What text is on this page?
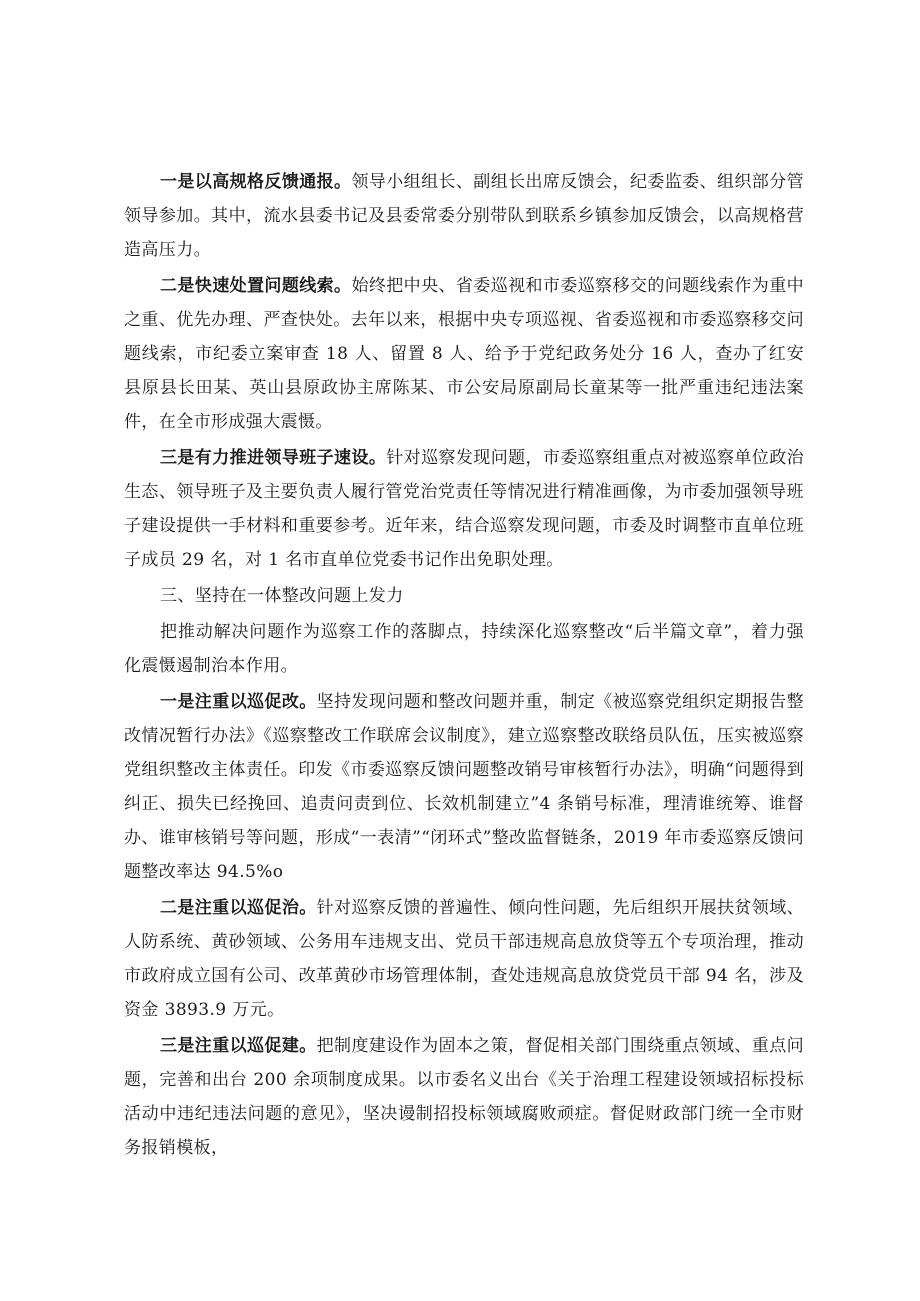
一是以高规格反馈通报。领导小组组长、副组长出席反馈会，纪委监委、组织部分管领导参加。其中，流水县委书记及县委常委分别带队到联系乡镇参加反馈会，以高规格营造高压力。

二是快速处置问题线索。始终把中央、省委巡视和市委巡察移交的问题线索作为重中之重、优先办理、严查快处。去年以来，根据中央专项巡视、省委巡视和市委巡察移交问题线索，市纪委立案审查 18 人、留置 8 人、给予于党纪政务处分 16 人，查办了红安县原县长田某、英山县原政协主席陈某、市公安局原副局长童某等一批严重违纪违法案件，在全市形成强大震慑。

三是有力推进领导班子速设。针对巡察发现问题，市委巡察组重点对被巡察单位政治生态、领导班子及主要负责人履行管党治党责任等情况进行精准画像，为市委加强领导班子建设提供一手材料和重要参考。近年来，结合巡察发现问题，市委及时调整市直单位班子成员 29 名，对 1 名市直单位党委书记作出免职处理。

三、坚持在一体整改问题上发力

把推动解决问题作为巡察工作的落脚点，持续深化巡察整改“后半篇文章”，着力强化震慑遏制治本作用。

一是注重以巡促改。坚持发现问题和整改问题并重，制定《被巡察党组织定期报告整改情况暂行办法》《巡察整改工作联席会议制度》，建立巡察整改联络员队伍，压实被巡察党组织整改主体责任。印发《市委巡察反馈问题整改销号审核暂行办法》，明确“问题得到纠正、损失已经挽回、追责问责到位、长效机制建立”4 条销号标准，理清谁统筹、谁督办、谁审核销号等问题，形成“一表清”“闭环式”整改监督链条，2019 年市委巡察反馈问题整改率达 94.5%o

二是注重以巡促治。针对巡察反馈的普遍性、倾向性问题，先后组织开展扶贫领域、人防系统、黄砂领域、公务用车违规支出、党员干部违规高息放贷等五个专项治理，推动市政府成立国有公司、改革黄砂市场管理体制，查处违规高息放贷党员干部 94 名，涉及资金 3893.9 万元。

三是注重以巡促建。把制度建设作为固本之策，督促相关部门围绕重点领域、重点问题，完善和出台 200 余项制度成果。以市委名义出台《关于治理工程建设领域招标投标活动中违纪违法问题的意见》，坚决谩制招投标领域腐败顽症。督促财政部门统一全市财务报销模板，
